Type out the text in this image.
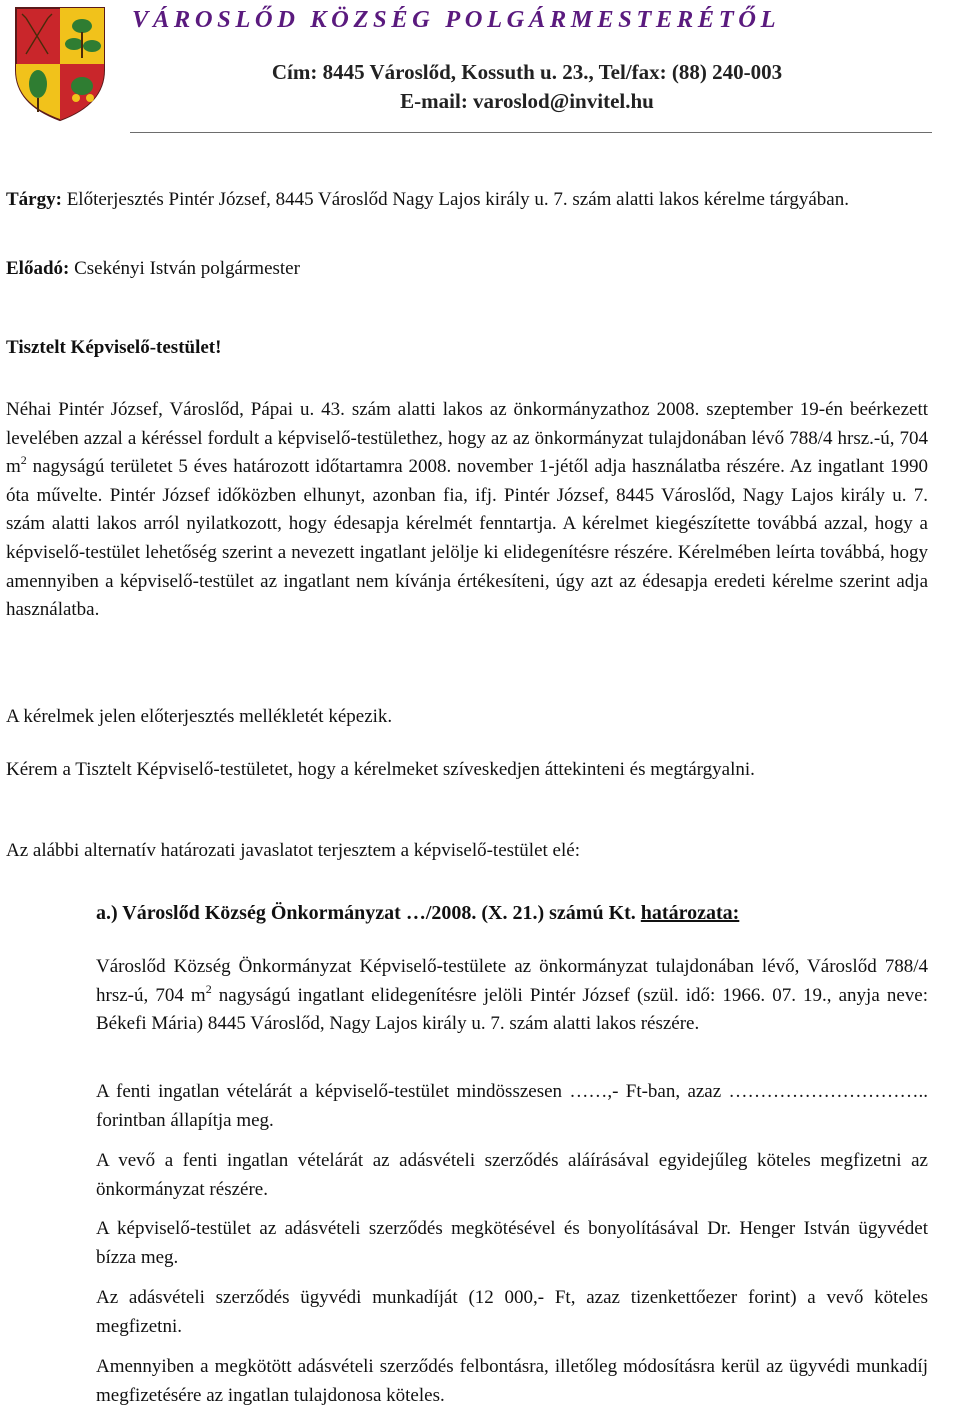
VÁROSLŐD KÖZSÉG POLGÁRMESTERÉTŐL
Cím: 8445 Városlőd, Kossuth u. 23., Tel/fax: (88) 240-003
E-mail: varoslod@invitel.hu

Tárgy: Előterjesztés Pintér József, 8445 Városlőd Nagy Lajos király u. 7. szám alatti lakos kérelme tárgyában.

Előadó: Csekényi István polgármester

Tisztelt Képviselő-testület!

Néhai Pintér József, Városlőd, Pápai u. 43. szám alatti lakos az önkormányzathoz 2008. szeptember 19-én beérkezett levelében azzal a kéréssel fordult a képviselő-testülethez, hogy az az önkormányzat tulajdonában lévő 788/4 hrsz.-ú, 704 $m^2$ nagyságú területet 5 éves határozott időtartamra 2008. november 1-jétől adja használatba részére. Az ingatlant 1990 óta művelte. Pintér József időközben elhunyt, azonban fia, ifj. Pintér József, 8445 Városlőd, Nagy Lajos király u. 7. szám alatti lakos arról nyilatkozott, hogy édesapja kérelmét fenntartja. A kérelmet kiegészítette továbbá azzal, hogy a képviselő-testület lehetőség szerint a nevezett ingatlant jelölje ki elidegenítésre részére. Kérelmében leírta továbbá, hogy amennyiben a képviselő-testület az ingatlant nem kívánja értékesíteni, úgy azt az édesapja eredeti kérelme szerint adja használatba.

A kérelmek jelen előterjesztés mellékletét képezik.

Kérem a Tisztelt Képviselő-testületet, hogy a kérelmeket szíveskedjen áttekinteni és megtárgyalni.

Az alábbi alternatív határozati javaslatot terjesztem a képviselő-testület elé:

a.) Városlőd Község Önkormányzat …/2008. (X. 21.) számú Kt. határozata:

Városlőd Község Önkormányzat Képviselő-testülete az önkormányzat tulajdonában lévő, Városlőd 788/4 hrsz-ú, 704 $m^2$ nagyságú ingatlant elidegenítésre jelöli Pintér József (szül. idő: 1966. 07. 19., anyja neve: Békefi Mária) 8445 Városlőd, Nagy Lajos király u. 7. szám alatti lakos részére.

A fenti ingatlan vételárát a képviselő-testület mindösszesen ……,- Ft-ban, azaz ………………………….. forintban állapítja meg.

A vevő a fenti ingatlan vételárát az adásvételi szerződés aláírásával egyidejűleg köteles megfizetni az önkormányzat részére.

A képviselő-testület az adásvételi szerződés megkötésével és bonyolításával Dr. Henger István ügyvédet bízza meg.

Az adásvételi szerződés ügyvédi munkadíját (12 000,- Ft, azaz tizenkettőezer forint) a vevő köteles megfizetni.

Amennyiben a megkötött adásvételi szerződés felbontásra, illetőleg módosításra kerül az ügyvédi munkadíj megfizetésére az ingatlan tulajdonosa köteles.
